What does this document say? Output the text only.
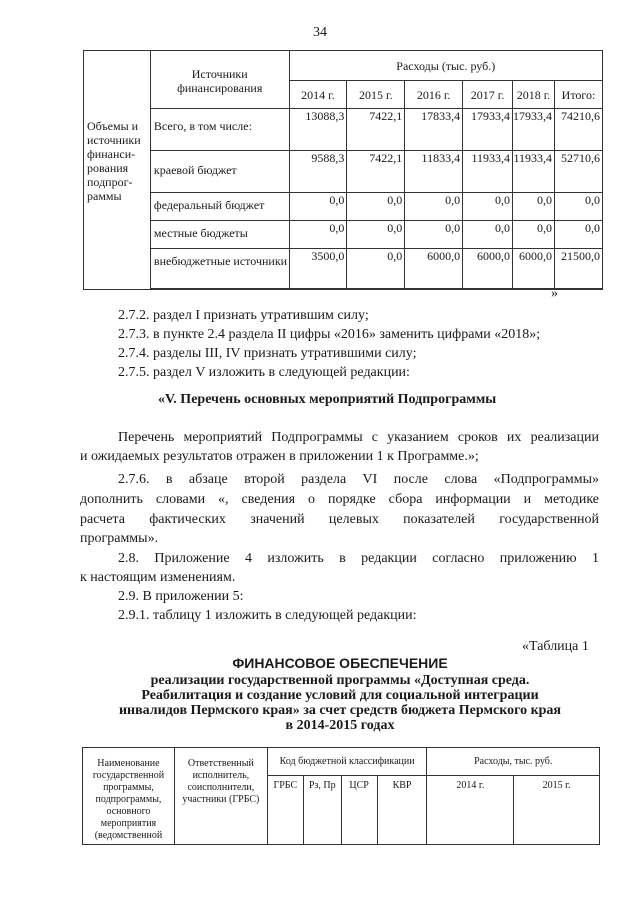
34
Объемы и источники финанси-рования подпрог-раммы	Источники финансирования	Расходы (тыс. руб.)					

		2014 г.	2015 г.	2016 г.	2017 г.	2018 г.	Итого:

	Всего, в том числе:	13088,3	7422,1	17833,4	17933,4	17933,4	74210,6

	краевой бюджет	9588,3	7422,1	11833,4	11933,4	11933,4	52710,6

	федеральный бюджет	0,0	0,0	0,0	0,0	0,0	0,0

	местные бюджеты	0,0	0,0	0,0	0,0	0,0	0,0

	внебюджетные источники	3500,0	0,0	6000,0	6000,0	6000,0	21500,0

»
2.7.2. раздел I признать утратившим силу;
2.7.3. в пункте 2.4 раздела II цифры «2016» заменить цифрами «2018»;
2.7.4. разделы III, IV признать утратившими силу;
2.7.5. раздел V изложить в следующей редакции:
«V. Перечень основных мероприятий Подпрограммы
Перечень мероприятий Подпрограммы с указанием сроков их реализации
и ожидаемых результатов отражен в приложении 1 к Программе.»;
2.7.6. в абзаце второй раздела VI после слова «Подпрограммы»
дополнить словами «, сведения о порядке сбора информации и методике
расчета фактических значений целевых показателей государственной
программы».
2.8. Приложение 4 изложить в редакции согласно приложению 1
к настоящим изменениям.
2.9. В приложении 5:
2.9.1. таблицу 1 изложить в следующей редакции:
«Таблица 1
ФИНАНСОВОЕ ОБЕСПЕЧЕНИЕ
реализации государственной программы «Доступная среда.
Реабилитация и создание условий для социальной интеграции
инвалидов Пермского края» за счет средств бюджета Пермского края
в 2014-2015 годах
Наименование государственной программы, подпрограммы, основного мероприятия (ведомственной	Ответственный исполнитель, соисполнители, участники (ГРБС)	Код бюджетной классификации				Расходы, тыс. руб.	

		ГРБС	Рз, Пр	ЦСР	КВР	2014 г.	2015 г.
